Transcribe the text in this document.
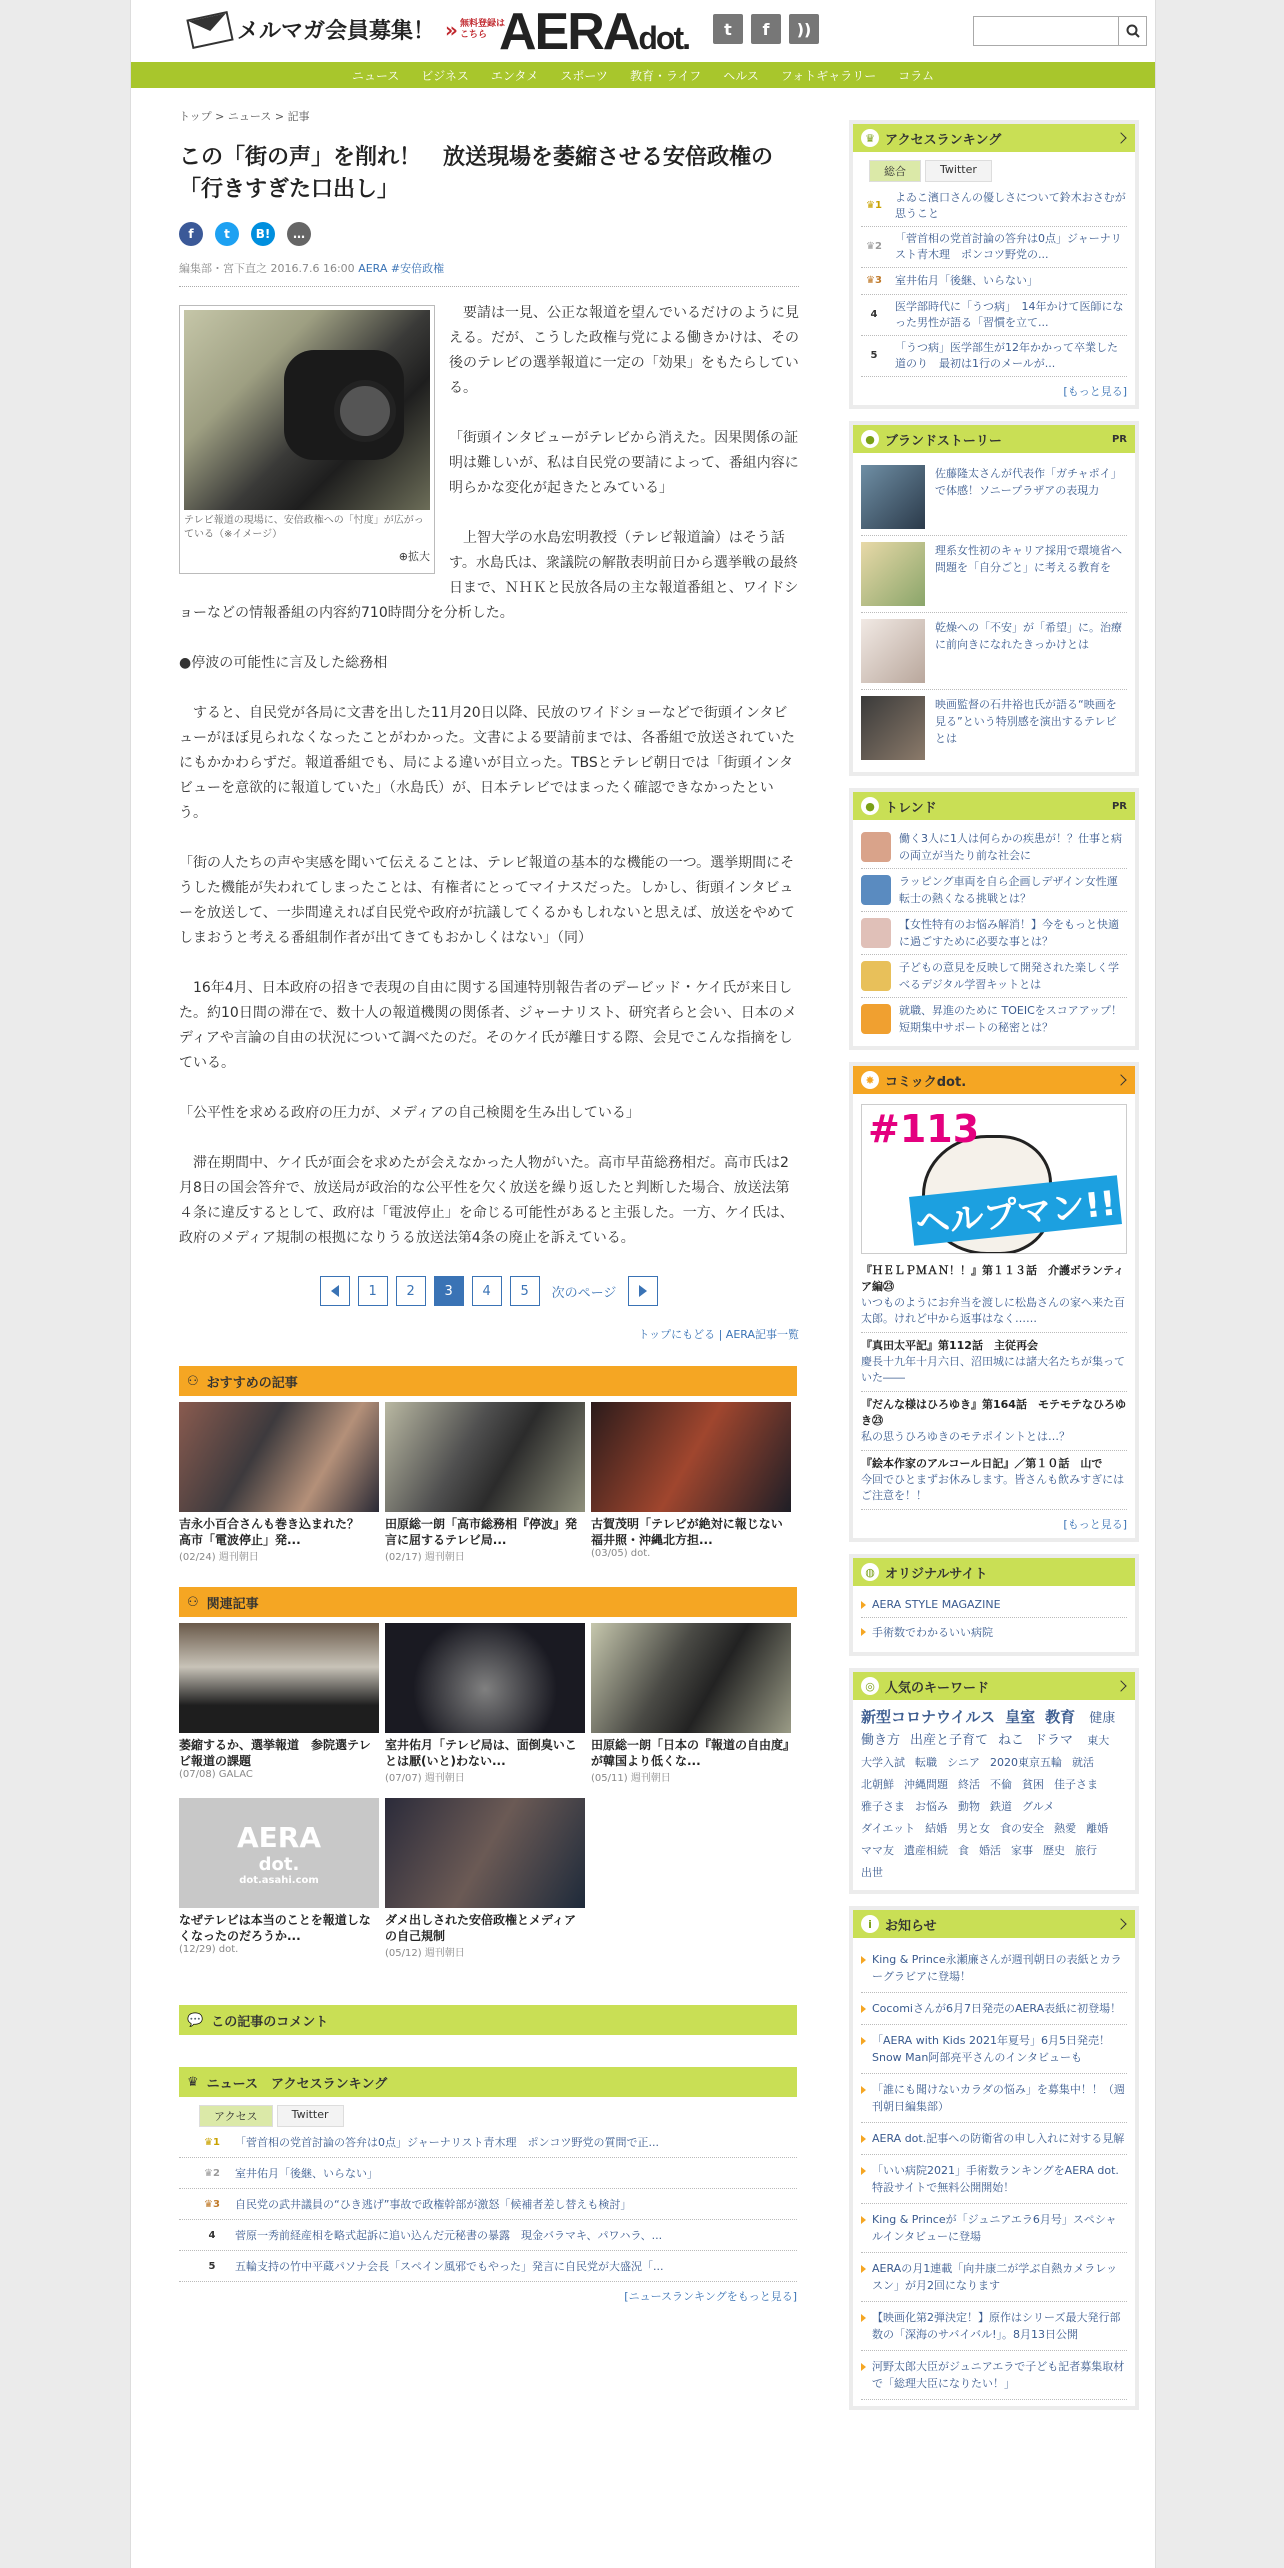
メルマガ会員募集！ » 無料登録は こちら AERAdot.	t	f	))
ニュース ビジネス エンタメ スポーツ 教育・ライフ ヘルス フォトギャラリー コラム
トップ > ニュース > 記事
この「街の声」を削れ！　放送現場を萎縮させる安倍政権の「行きすぎた口出し」
f	t	B!	…
編集部・宮下直之 2016.7.6 16:00 AERA #安倍政権
テレビ報道の現場に、安倍政権への「忖度」が広がっている（※イメージ）
⊕拡大

要請は一見、公正な報道を望んでいるだけのように見える。だが、こうした政権与党による働きかけは、その後のテレビの選挙報道に一定の「効果」をもたらしている。

「街頭インタビューがテレビから消えた。因果関係の証明は難しいが、私は自民党の要請によって、番組内容に明らかな変化が起きたとみている」

上智大学の水島宏明教授（テレビ報道論）はそう話す。水島氏は、衆議院の解散表明前日から選挙戦の最終日まで、ＮＨＫと民放各局の主な報道番組と、ワイドショーなどの情報番組の内容約710時間分を分析した。

●停波の可能性に言及した総務相

すると、自民党が各局に文書を出した11月20日以降、民放のワイドショーなどで街頭インタビューがほぼ見られなくなったことがわかった。文書による要請前までは、各番組で放送されていたにもかかわらずだ。報道番組でも、局による違いが目立った。TBSとテレビ朝日では「街頭インタビューを意欲的に報道していた」（水島氏）が、日本テレビではまったく確認できなかったという。

「街の人たちの声や実感を聞いて伝えることは、テレビ報道の基本的な機能の一つ。選挙期間にそうした機能が失われてしまったことは、有権者にとってマイナスだった。しかし、街頭インタビューを放送して、一歩間違えれば自民党や政府が抗議してくるかもしれないと思えば、放送をやめてしまおうと考える番組制作者が出てきてもおかしくはない」（同）

16年4月、日本政府の招きで表現の自由に関する国連特別報告者のデービッド・ケイ氏が来日した。約10日間の滞在で、数十人の報道機関の関係者、ジャーナリスト、研究者らと会い、日本のメディアや言論の自由の状況について調べたのだ。そのケイ氏が離日する際、会見でこんな指摘をしている。

「公平性を求める政府の圧力が、メディアの自己検閲を生み出している」

滞在期間中、ケイ氏が面会を求めたが会えなかった人物がいた。高市早苗総務相だ。高市氏は2月8日の国会答弁で、放送局が政治的な公平性を欠く放送を繰り返したと判断した場合、放送法第４条に違反するとして、政府は「電波停止」を命じる可能性があると主張した。一方、ケイ氏は、政府のメディア規制の根拠になりうる放送法第4条の廃止を訴えている。

1	2	3	4	5	次のページ
トップにもどる | AERA記事一覧
⚇ おすすめの記事
吉永小百合さんも巻き込まれた？　高市「電波停止」発...
(02/24) 週刊朝日
田原総一朗「高市総務相『停波』発言に屈するテレビ局...
(02/17) 週刊朝日
古賀茂明「テレビが絶対に報じない福井照・沖縄北方担...
(03/05) dot.
⚇ 関連記事
萎縮するか、選挙報道　参院選テレビ報道の課題
(07/08) GALAC
室井佑月「テレビ局は、面倒臭いことは厭(いと)わない...
(07/07) 週刊朝日
田原総一朗「日本の『報道の自由度』が韓国より低くな...
(05/11) 週刊朝日
AERA
dot.
dot.asahi.com
なぜテレビは本当のことを報道しなくなったのだろうか...
(12/29) dot.
ダメ出しされた安倍政権とメディアの自己規制
(05/12) 週刊朝日
💬 この記事のコメント
♛ ニュース　アクセスランキング
アクセス	Twitter
♛ 1 「菅首相の党首討論の答弁は0点」ジャーナリスト青木理　ポンコツ野党の質問で正...
♛ 2 室井佑月「後継、いらない」
♛ 3 自民党の武井議員の“ひき逃げ”事故で政権幹部が激怒「候補者差し替えも検討」
4	菅原一秀前経産相を略式起訴に追い込んだ元秘書の暴露　現金バラマキ、パワハラ、...
5	五輪支持の竹中平蔵パソナ会長「スペイン風邪でもやった」発言に自民党が大盛況「...
[ニュースランキングをもっと見る]
♛ アクセスランキング
総合	Twitter
♛1
よゐこ濱口さんの優しさについて鈴木おさむが思うこと
♛2
「菅首相の党首討論の答弁は0点」ジャーナリスト青木理　ポンコツ野党の...
♛3	室井佑月「後継、いらない」
4
医学部時代に「うつ病」　14年かけて医師になった男性が語る「習慣を立て...
5
「うつ病」医学部生が12年かかって卒業した道のり　最初は1行のメールが...
[もっと見る]
● ブランドストーリー	PR
佐藤隆太さんが代表作「ガチャポイ」で体感！ソニープラザアの表現力
理系女性初のキャリア採用で環境省へ　問題を「自分ごと」に考える教育を
乾燥への「不安」が「希望」に。治療に前向きになれたきっかけとは
映画監督の石井裕也氏が語る“映画を見る”という特別感を演出するテレビとは
● トレンド	PR
働く3人に1人は何らかの疾患が！？仕事と病の両立が当たり前な社会に
ラッピング車両を自ら企画しデザイン女性運転士の熱くなる挑戦とは？
【女性特有のお悩み解消！】今をもっと快適に過ごすために必要な事とは？
子どもの意見を反映して開発された楽しく学べるデジタル学習キットとは
就職、昇進のために TOEICをスコアアップ！短期集中サポートの秘密とは？
✸ コミックdot.
#113
ヘルプマン!!
『ＨＥＬＰＭＡＮ！！』第１１３話　介護ボランティア編㉓
いつものようにお弁当を渡しに松島さんの家へ来た百太郎。けれど中から返事はなく……
『真田太平記』第112話　主従再会
慶長十九年十月六日、沼田城には諸大名たちが集っていた――
『だんな様はひろゆき』第164話　モテモテなひろゆき㉓
私の思うひろゆきのモテポイントとは…？
『絵本作家のアルコール日記』／第１０話　山で
今回でひとまずお休みします。皆さんも飲みすぎにはご注意を！！
[もっと見る]
◍ オリジナルサイト
AERA STYLE MAGAZINE
手術数でわかるいい病院
◎ 人気のキーワード
新型コロナウイルス 皇室 教育 健康働き方 出産と子育て ねこ ドラマ 東大大学入試 転職 シニア 2020東京五輪 就活北朝鮮 沖縄問題 終活 不倫 貧困 佳子さま雅子さま お悩み 動物 鉄道 グルメダイエット 結婚 男と女 食の安全 熱愛 離婚ママ友 遺産相続 食 婚活 家事 歴史 旅行出世
i	お知らせ
King & Prince永瀬廉さんが週刊朝日の表紙とカラーグラビアに登場！
Cocomiさんが6月7日発売のAERA表紙に初登場！
「AERA with Kids 2021年夏号」6月5日発売！Snow Man阿部亮平さんのインタビューも
「誰にも聞けないカラダの悩み」を募集中！！（週刊朝日編集部）
AERA dot.記事への防衛省の申し入れに対する見解
「いい病院2021」手術数ランキングをAERA dot.特設サイトで無料公開開始！
King & Princeが「ジュニアエラ6月号」スペシャルインタビューに登場
AERAの月1連載「向井康二が学ぶ自熱カメラレッスン」が月2回になります
【映画化第2弾決定！】原作はシリーズ最大発行部数の「深海のサバイバル!」。8月13日公開
河野太郎大臣がジュニアエラで子ども記者募集取材で「総理大臣になりたい！」
